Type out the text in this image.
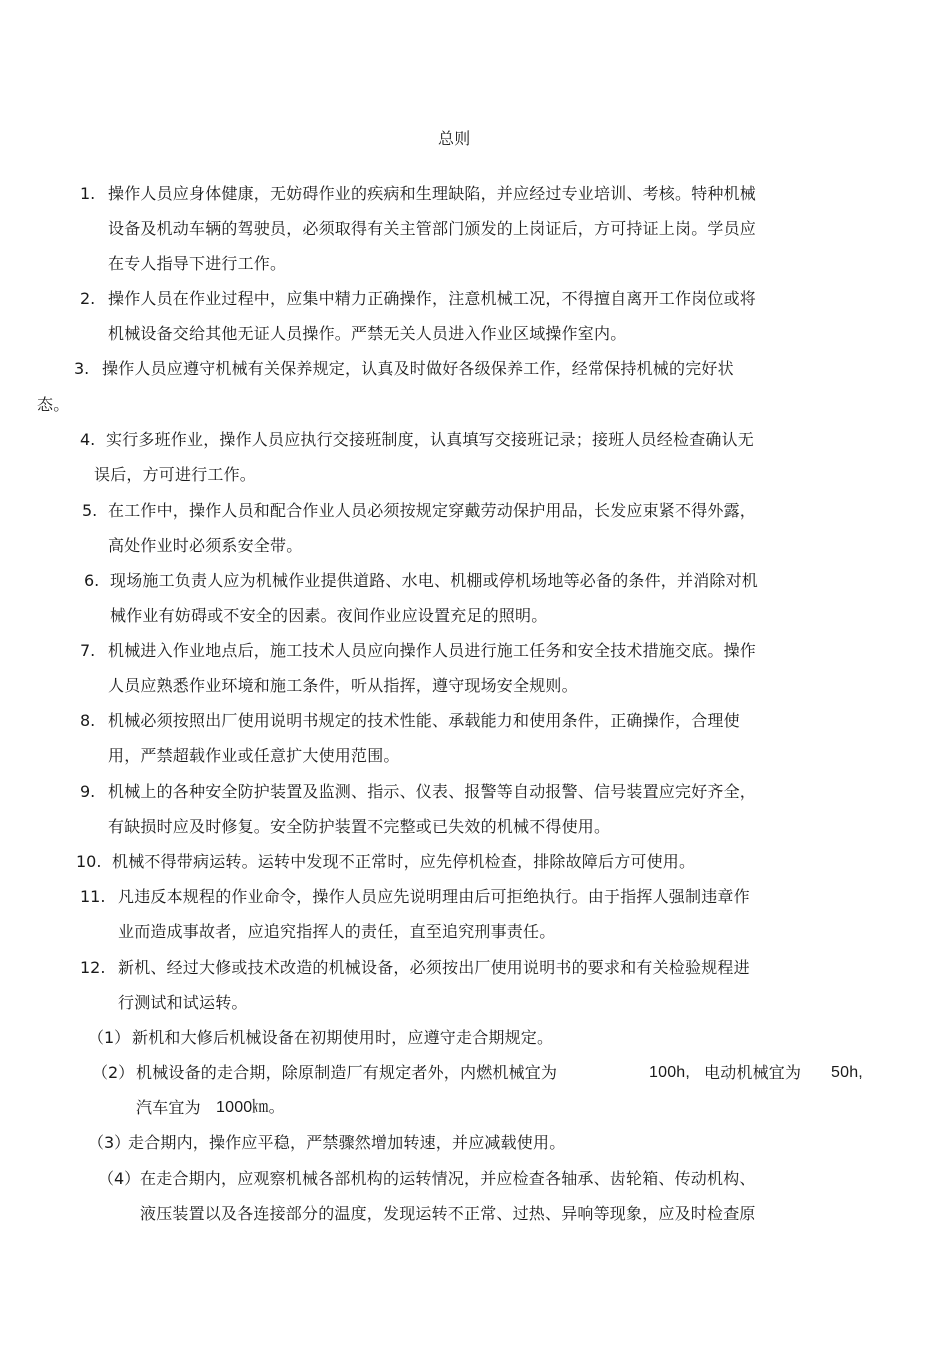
总则
1. 操作人员应身体健康，无妨碍作业的疾病和生理缺陷，并应经过专业培训、考核。特种机械
设备及机动车辆的驾驶员，必须取得有关主管部门颁发的上岗证后，方可持证上岗。学员应
在专人指导下进行工作。
2. 操作人员在作业过程中，应集中精力正确操作，注意机械工况，不得擅自离开工作岗位或将
机械设备交给其他无证人员操作。严禁无关人员进入作业区域操作室内。
3. 操作人员应遵守机械有关保养规定，认真及时做好各级保养工作，经常保持机械的完好状
态。
4. 实行多班作业，操作人员应执行交接班制度，认真填写交接班记录；接班人员经检查确认无
误后，方可进行工作。
5. 在工作中，操作人员和配合作业人员必须按规定穿戴劳动保护用品，长发应束紧不得外露，
高处作业时必须系安全带。
6. 现场施工负责人应为机械作业提供道路、水电、机棚或停机场地等必备的条件，并消除对机
械作业有妨碍或不安全的因素。夜间作业应设置充足的照明。
7. 机械进入作业地点后，施工技术人员应向操作人员进行施工任务和安全技术措施交底。操作
人员应熟悉作业环境和施工条件，听从指挥，遵守现场安全规则。
8. 机械必须按照出厂使用说明书规定的技术性能、承载能力和使用条件，正确操作，合理使
用，严禁超载作业或任意扩大使用范围。
9. 机械上的各种安全防护装置及监测、指示、仪表、报警等自动报警、信号装置应完好齐全，
有缺损时应及时修复。安全防护装置不完整或已失效的机械不得使用。
10. 机械不得带病运转。运转中发现不正常时，应先停机检查，排除故障后方可使用。
11. 凡违反本规程的作业命令，操作人员应先说明理由后可拒绝执行。由于指挥人强制违章作
业而造成事故者，应追究指挥人的责任，直至追究刑事责任。
12. 新机、经过大修或技术改造的机械设备，必须按出厂使用说明书的要求和有关检验规程进
行测试和试运转。
（1） 新机和大修后机械设备在初期使用时，应遵守走合期规定。
（2） 机械设备的走合期，除原制造厂有规定者外，内燃机械宜为	100h, 电动机械宜为 50h,
汽车宜为 1000㎞。
（3）
走合期内，操作应平稳，严禁骤然增加转速，并应减载使用。
（4） 在走合期内，应观察机械各部机构的运转情况，并应检查各轴承、齿轮箱、传动机构、
液压装置以及各连接部分的温度，发现运转不正常、过热、异响等现象，应及时检查原
